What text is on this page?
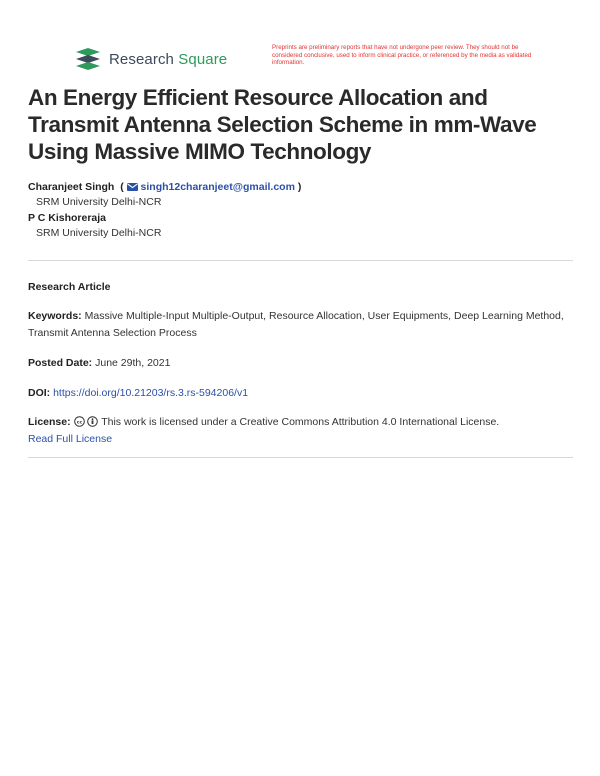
Research Square
Preprints are preliminary reports that have not undergone peer review. They should not be considered conclusive, used to inform clinical practice, or referenced by the media as validated information.
An Energy Efficient Resource Allocation and Transmit Antenna Selection Scheme in mm-Wave Using Massive MIMO Technology
Charanjeet Singh  (  singh12charanjeet@gmail.com )
SRM University Delhi-NCR
P C Kishoreraja
SRM University Delhi-NCR
Research Article
Keywords: Massive Multiple-Input Multiple-Output, Resource Allocation, User Equipments, Deep Learning Method, Transmit Antenna Selection Process
Posted Date: June 29th, 2021
DOI: https://doi.org/10.21203/rs.3.rs-594206/v1
License: cc This work is licensed under a Creative Commons Attribution 4.0 International License.
Read Full License
